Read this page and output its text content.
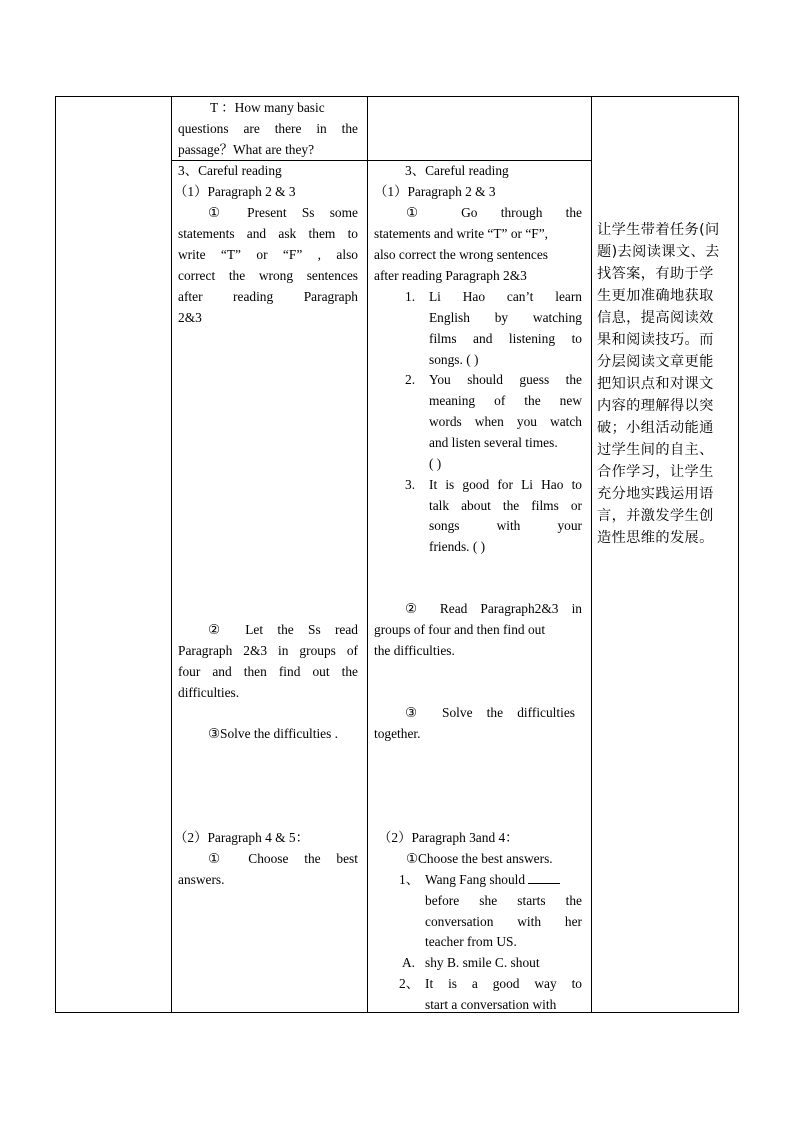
T ：How many basic
questions are there in the
passage？What are they?
3、Careful reading
（1）Paragraph 2 & 3
① Present Ss some
statements and ask them to
write “T” or “F” , also
correct the wrong sentences
after reading Paragraph
2&3
② Let the Ss read
Paragraph 2&3 in groups of
four and then find out the
difficulties.
③Solve the difficulties .
（2）Paragraph 4 & 5：
① Choose the best
answers.
3、Careful reading
（1）Paragraph 2 & 3
① Go through the
statements and write “T” or “F”,
also correct the wrong sentences
after reading Paragraph 2&3
1. Li Hao can’t learn
English by watching
films and listening to
songs. ( )
2. You should guess the
meaning of the new
words when you watch
and listen several times.
( )
3. It is good for Li Hao to
talk about the films or
songs with your
friends. ( )
② Read Paragraph2&3 in
groups of four and then find out
the difficulties.
③ Solve the difficulties
together.
（2）Paragraph 3and 4：
①Choose the best answers.
1、 Wang Fang should
before she starts the
conversation with her
teacher from US.
A. shy B. smile C. shout
2、 It is a good way to
start a conversation with
让学生带着任务(问
题)去阅读课文、去
找答案，有助于学
生更加准确地获取
信息，提高阅读效
果和阅读技巧。而
分层阅读文章更能
把知识点和对课文
内容的理解得以突
破；小组活动能通
过学生间的自主、
合作学习，让学生
充分地实践运用语
言，并激发学生创
造性思维的发展。
